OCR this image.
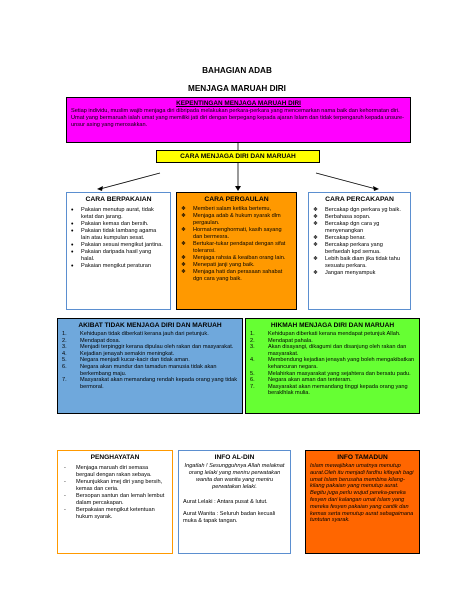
BAHAGIAN ADAB
MENJAGA MARUAH DIRI
KEPENTINGAN MENJAGA MARUAH DIRI
Setiap individu, muslim wajib menjaga diri dibripada melakukan perkara-perkara yang mencemarkan nama baik dan kehormatan diri. Umat yang bermaruah ialah umat yang memiliki jati diri dengan berpegang kepada ajaran Islam dan tidak terpengaruh kepada unsure-unsur asing yang merosakkan.
CARA MENJAGA DIRI DAN MARUAH
CARA BERPAKAIAN
• Pakaian menutup aurat, tidak ketat dan jarang.
• Pakaian kemas dan bersih.
• Pakaian tidak lambang agama lain atau kumpulan sesat.
• Pakaian sesuai mengikut jantina.
• Pakaian daripada hasil yang halal.
• Pakaian mengikut peraturan
CARA PERGAULAN
❖ Memberi salam ketika bertemu,
❖ Menjaga adab & hukum syarak dlm pergaulan.
❖ Hormat-menghormati, kasih sayang dan bermesra.
❖ Bertukar-tukar pendapat dengan sifat toleransi.
❖ Menjaga rahsia & keaiban orang lain.
❖ Menepati janji yang baik.
❖ Menjaga hati dan perasaan sahabat dgn cara yang baik.
CARA PERCAKAPAN
❖ Bercakap dgn perkara yg baik.
❖ Berbahasa sopan.
❖ Bercakap dgn cara yg menyenangkan
❖ Bercakap benar.
❖ Bercakap perkara yang berfaedah kpd semua.
❖ Lebih baik diam jika tidak tahu sesuatu perkara.
❖ Jangan menyampuk
AKIBAT TIDAK MENJAGA DIRI DAN MARUAH
1. Kehidupan tidak diberkati kerana jauh dari petunjuk.
2. Mendapat dosa.
3. Menjadi terpinggir kerana dipulau oleh rakan dan masyarakat.
4. Kejadian jenayah semakin meningkat.
5. Negara menjadi kucar-kacir dan tidak aman.
6. Negara akan mundur dan tamadun manusia tidak akan berkembang maju.
7. Masyarakat akan memandang rendah kepada orang yang tidak bermoral.
HIKMAH MENJAGA DIRI DAN MARUAH
1. Kehidupan diberkati kerana mendapat petunjuk Allah.
2. Mendapat pahala.
3. Akan disayangi, dikagumi dan disanjung oleh rakan dan masyarakat.
4. Membendung kejadian jenayah yang boleh mengakibatkan kehancuran negara.
5. Melahirkan masyarakat yang sejahtera dan bersatu padu.
6. Negara akan aman dan tenteram.
7. Masyarakat akan memandang tinggi kepada orang yang beraklhlak mulia.
PENGHAYATAN
- Menjaga maruah diri semasa bergaul dengan rakan sebaya.
- Menunjukkan imej diri yang bersih, kemas dan ceria.
- Bersopan santun dan lemah lembut dalam percakapan.
- Berpakaian mengikut ketentuan hukum syarak.
INFO AL-DIN
Ingatlah ! Sesungguhnya Allah melaknat orang lelaki yang meniru perwatakan wanita dan wanita yang meniru perwatakan lelaki.
Aurat Lelaki : Antara pusat & lutut.
Aurat Wanita : Seluruh badan kecuali muka & tapak tangan.
INFO TAMADUN
Islam mewajibkan umatnya menutup aurat.Oleh itu menjadi fardhu kifayah bagi umat Islam berusaha membina kilang-kilang pakaian yang menutup aurat. Begitu juga perlu wujud pereka-pereka fesyen dari kalangan umat Islam yang mereka fesyen pakaian yang cantik dan kemas serta menutup aurat sebagaimana tuntutan syarak.
